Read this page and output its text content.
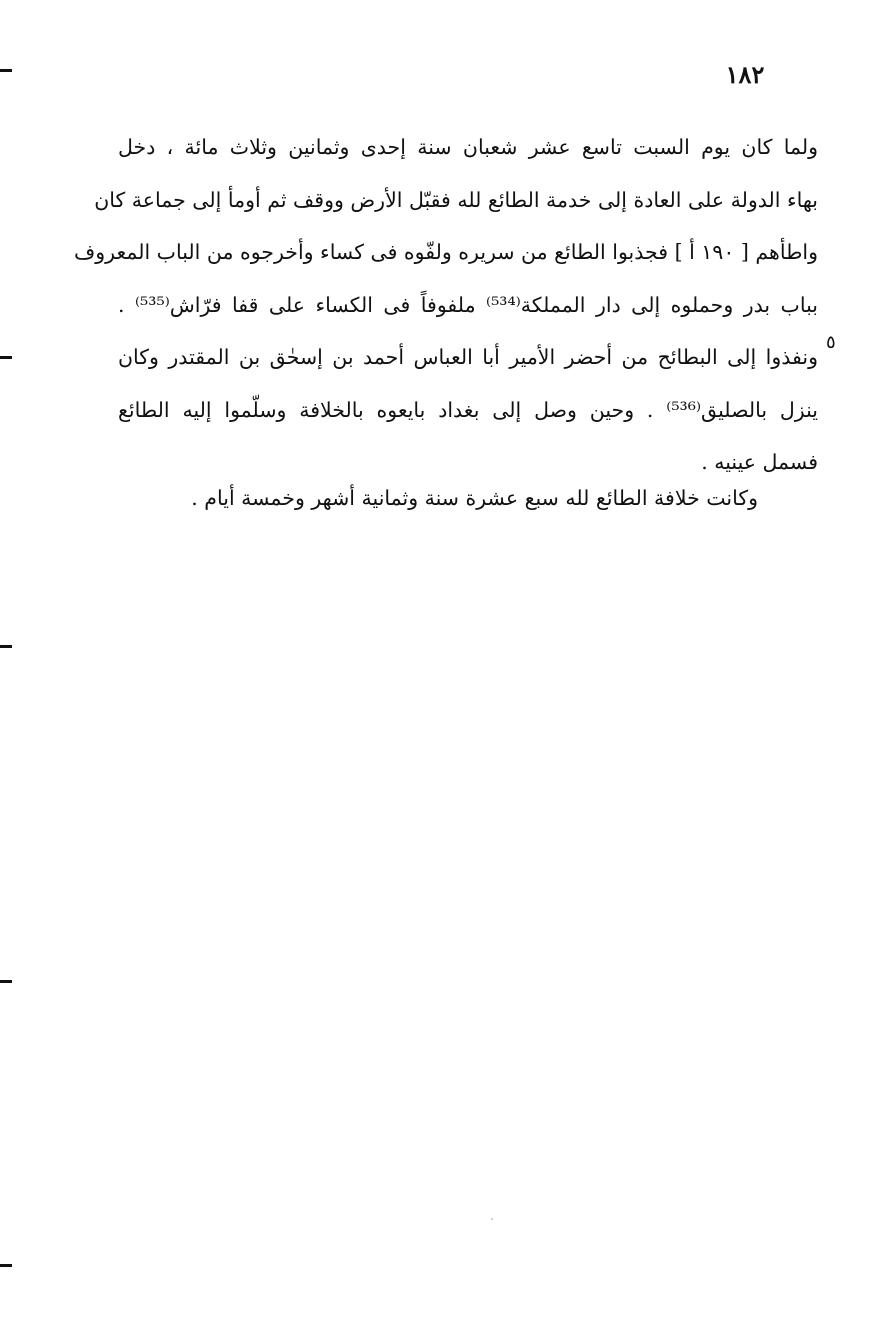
١٨٢
٥
ولما كان يوم السبت تاسع عشر شعبان سنة إحدى وثمانين وثلاث مائة ، دخل
بهاء الدولة على العادة إلى خدمة الطائع لله فقبّل الأرض ووقف ثم أومأ إلى جماعة كان
واطأهم [ ١٩٠ أ ] فجذبوا الطائع من سريره ولفّوه فى كساء وأخرجوه من الباب المعروف
بباب بدر وحملوه إلى دار المملكة⁽⁵³⁴⁾ ملفوفاً فى الكساء على قفا فرّاش⁽⁵³⁵⁾ .
ونفذوا إلى البطائح من أحضر الأمير أبا العباس أحمد بن إسحٰق بن المقتدر وكان
ينزل بالصليق⁽⁵³⁶⁾ . وحين وصل إلى بغداد بايعوه بالخلافة وسلّموا إليه الطائع
فسمل عينيه .
وكانت خلافة الطائع لله سبع عشرة سنة وثمانية أشهر وخمسة أيام .
